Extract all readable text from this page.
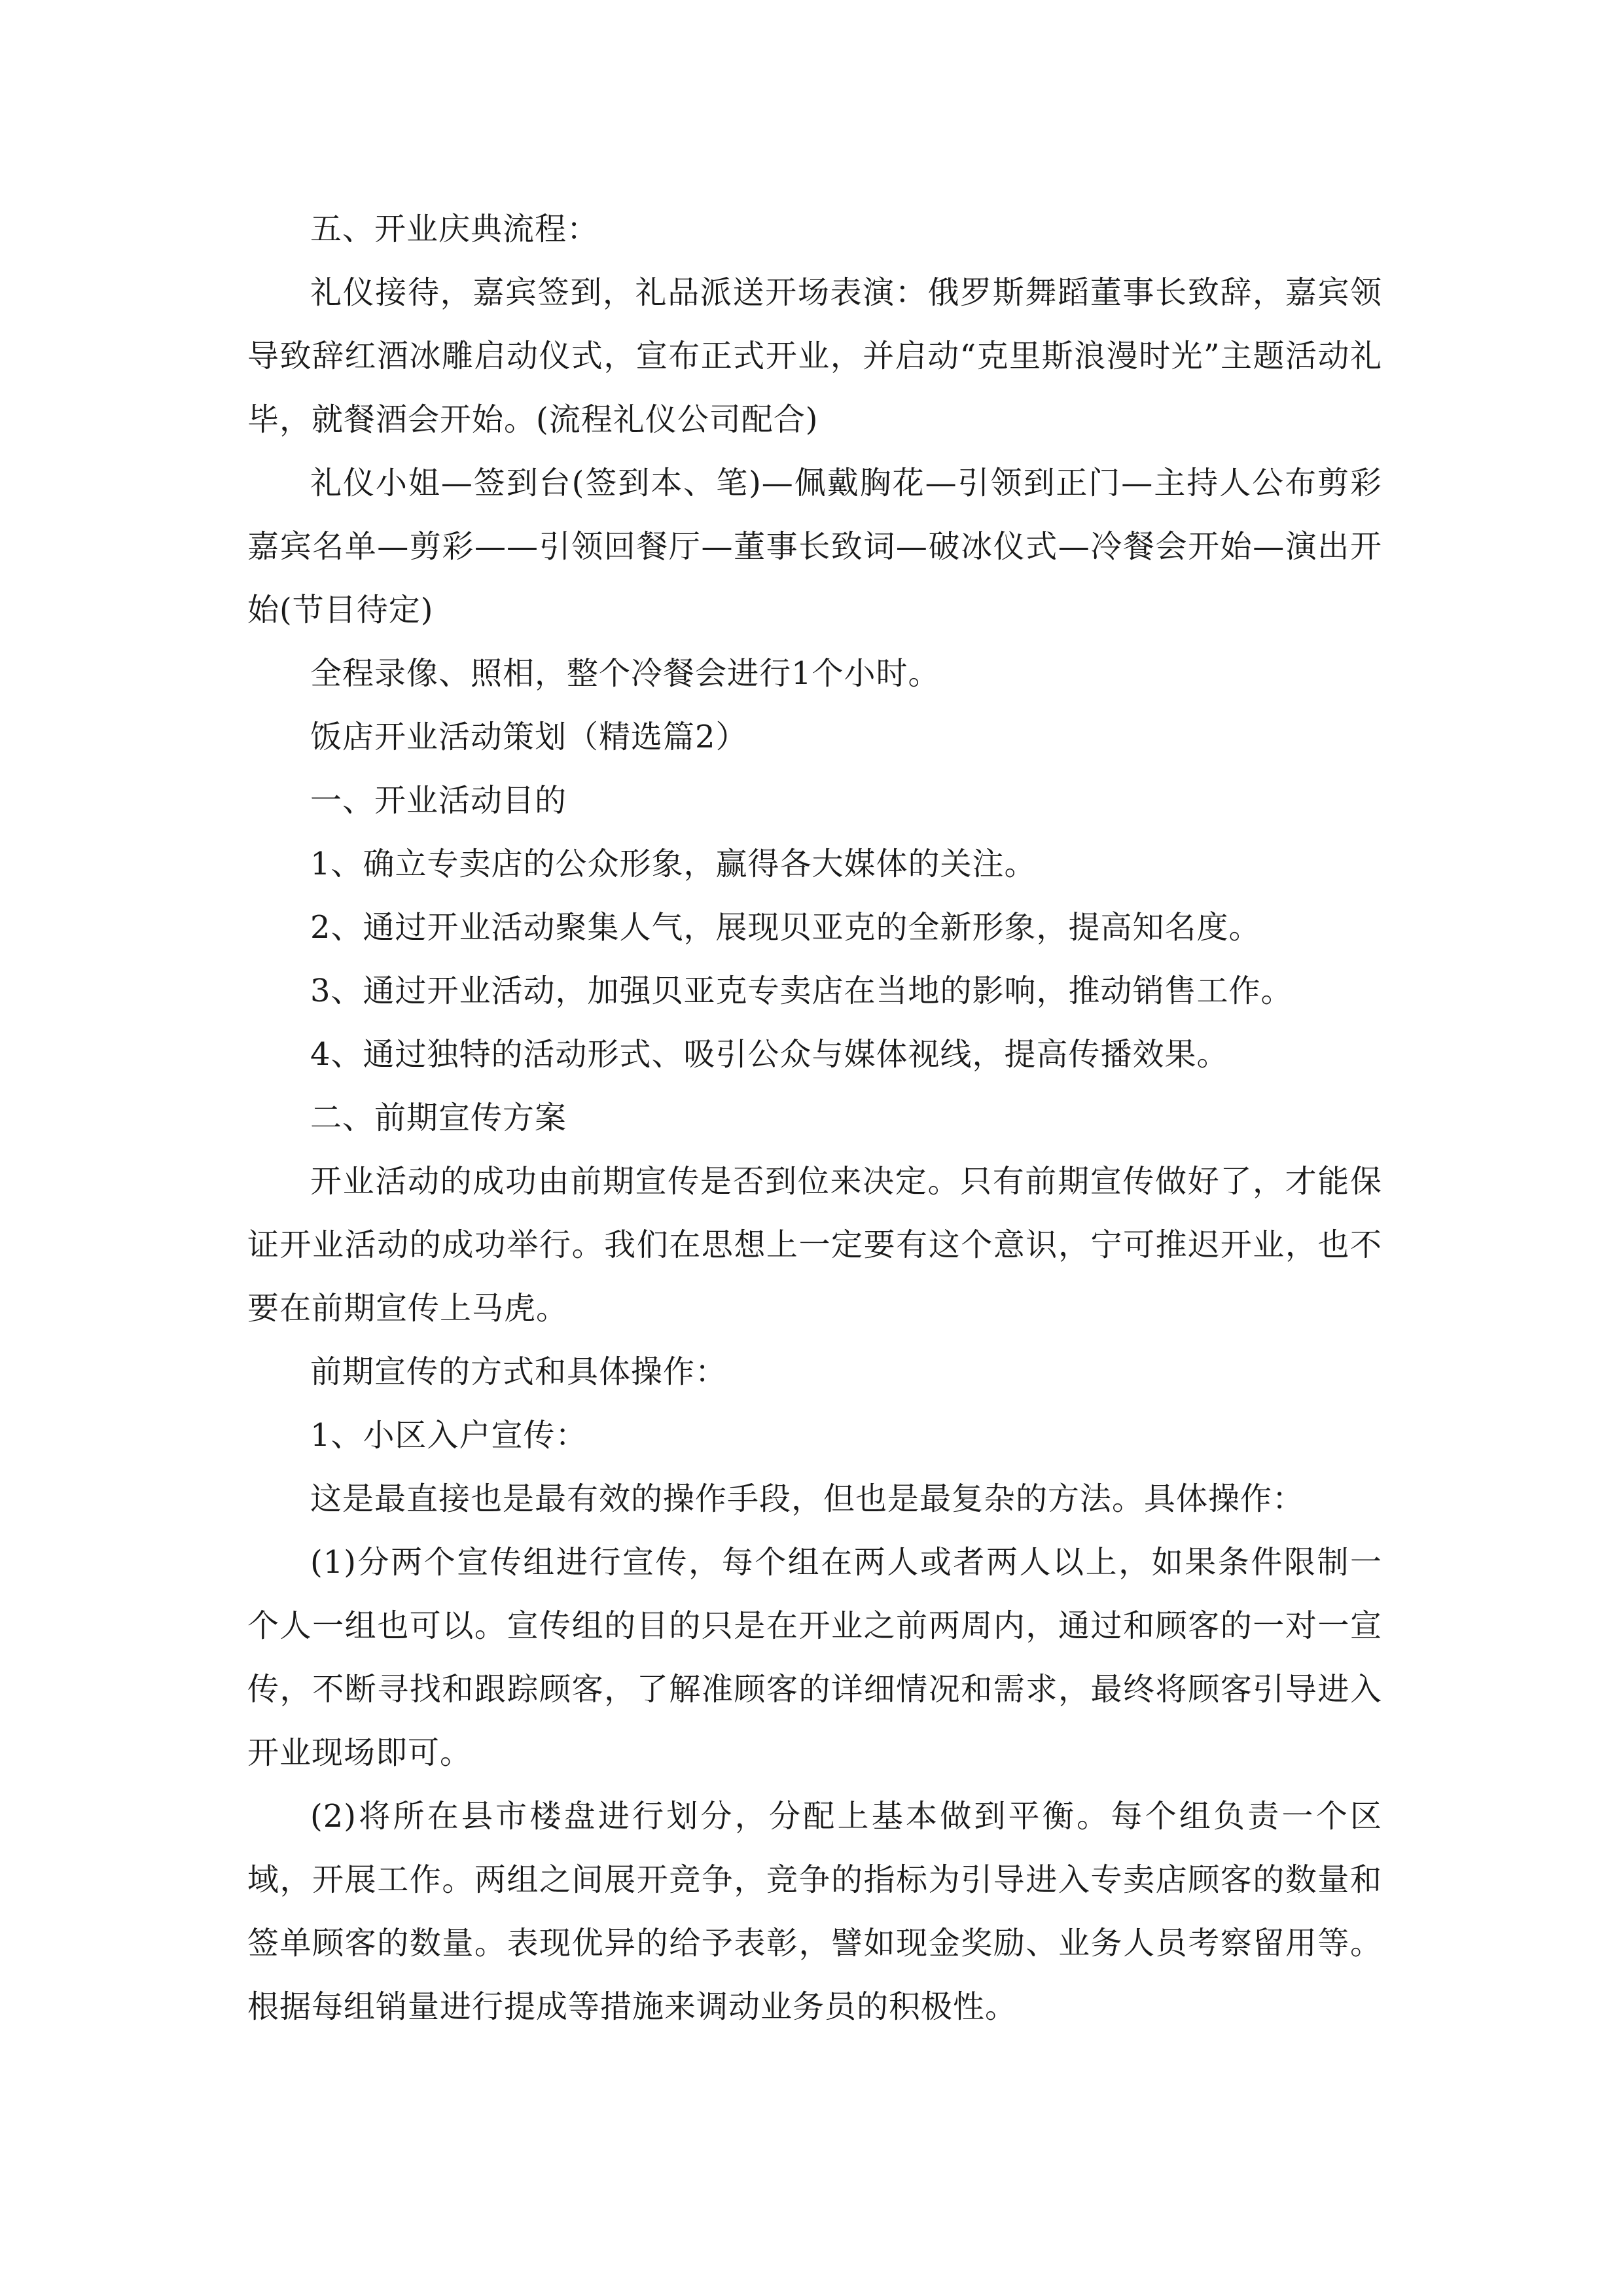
五、开业庆典流程：

礼仪接待，嘉宾签到，礼品派送开场表演：俄罗斯舞蹈董事长致辞，嘉宾领导致辞红酒冰雕启动仪式，宣布正式开业，并启动“克里斯浪漫时光”主题活动礼毕，就餐酒会开始。(流程礼仪公司配合)

礼仪小姐—签到台(签到本、笔)—佩戴胸花—引领到正门—主持人公布剪彩嘉宾名单—剪彩——引领回餐厅—董事长致词—破冰仪式—冷餐会开始—演出开始(节目待定)

全程录像、照相，整个冷餐会进行1个小时。

饭店开业活动策划（精选篇2）

一、开业活动目的

1、确立专卖店的公众形象，赢得各大媒体的关注。

2、通过开业活动聚集人气，展现贝亚克的全新形象，提高知名度。

3、通过开业活动，加强贝亚克专卖店在当地的影响，推动销售工作。

4、通过独特的活动形式、吸引公众与媒体视线，提高传播效果。

二、前期宣传方案

开业活动的成功由前期宣传是否到位来决定。只有前期宣传做好了，才能保证开业活动的成功举行。我们在思想上一定要有这个意识，宁可推迟开业，也不要在前期宣传上马虎。

前期宣传的方式和具体操作：

1、小区入户宣传：

这是最直接也是最有效的操作手段，但也是最复杂的方法。具体操作：

(1)分两个宣传组进行宣传，每个组在两人或者两人以上，如果条件限制一个人一组也可以。宣传组的目的只是在开业之前两周内，通过和顾客的一对一宣传，不断寻找和跟踪顾客，了解准顾客的详细情况和需求，最终将顾客引导进入开业现场即可。

(2)将所在县市楼盘进行划分，分配上基本做到平衡。每个组负责一个区域，开展工作。两组之间展开竞争，竞争的指标为引导进入专卖店顾客的数量和签单顾客的数量。表现优异的给予表彰，譬如现金奖励、业务人员考察留用等。根据每组销量进行提成等措施来调动业务员的积极性。
